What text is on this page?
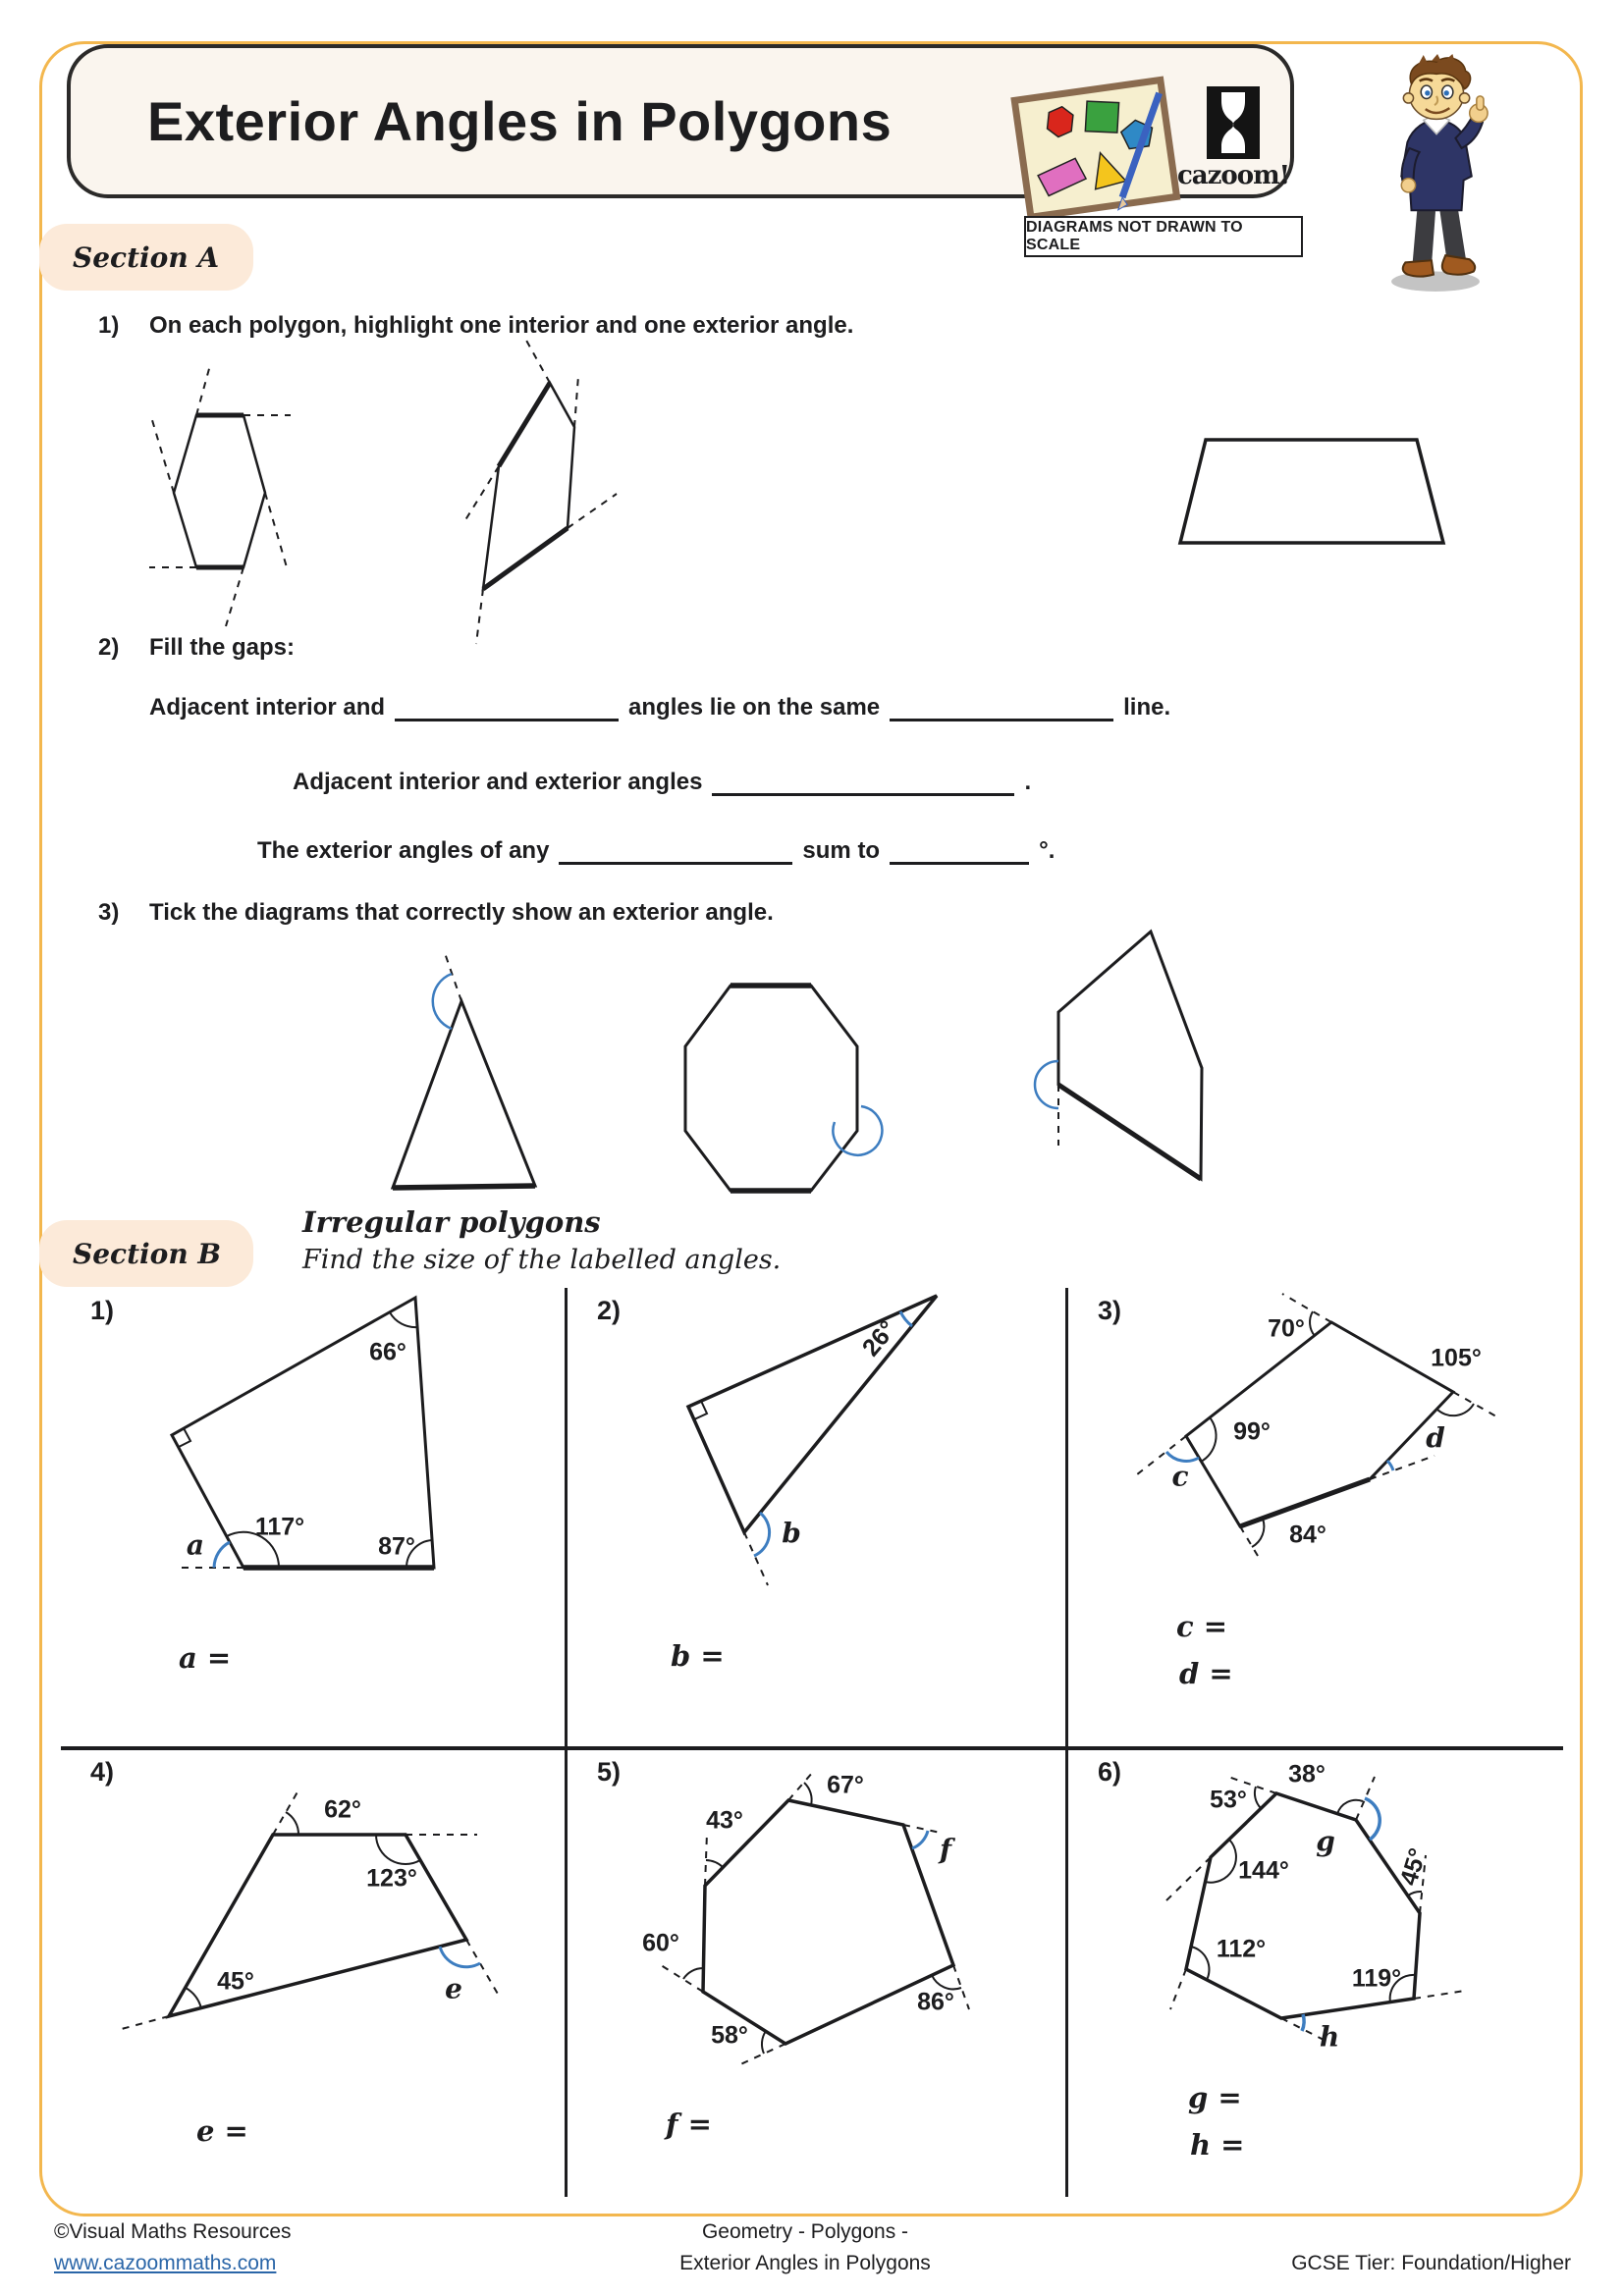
Exterior Angles in Polygons
cazoom!
DIAGRAMS NOT DRAWN TO SCALE
Section A
1) On each polygon, highlight one interior and one exterior angle.
2) Fill the gaps:
Adjacent interior and	angles lie on the same	line.
Adjacent interior and exterior angles	.
The exterior angles of any	sum to	°.
3) Tick the diagrams that correctly show an exterior angle.
Section B
Irregular polygons
Find the size of the labelled angles.
1)
66°
117°
a	87°
a =
2)
26°
b
b =
3)
70°
105°
99°
c
d
84°
c =
d =
4)
62°
123°
45°	e
e =
5)	67°
43°
f
60°
58°
86°
f =
6)
53°
38°
g
45°
144°
112°
119°
h
g =
h =
©Visual Maths Resources
www.cazoommaths.com
Geometry - Polygons -
Exterior Angles in Polygons	GCSE Tier: Foundation/Higher
